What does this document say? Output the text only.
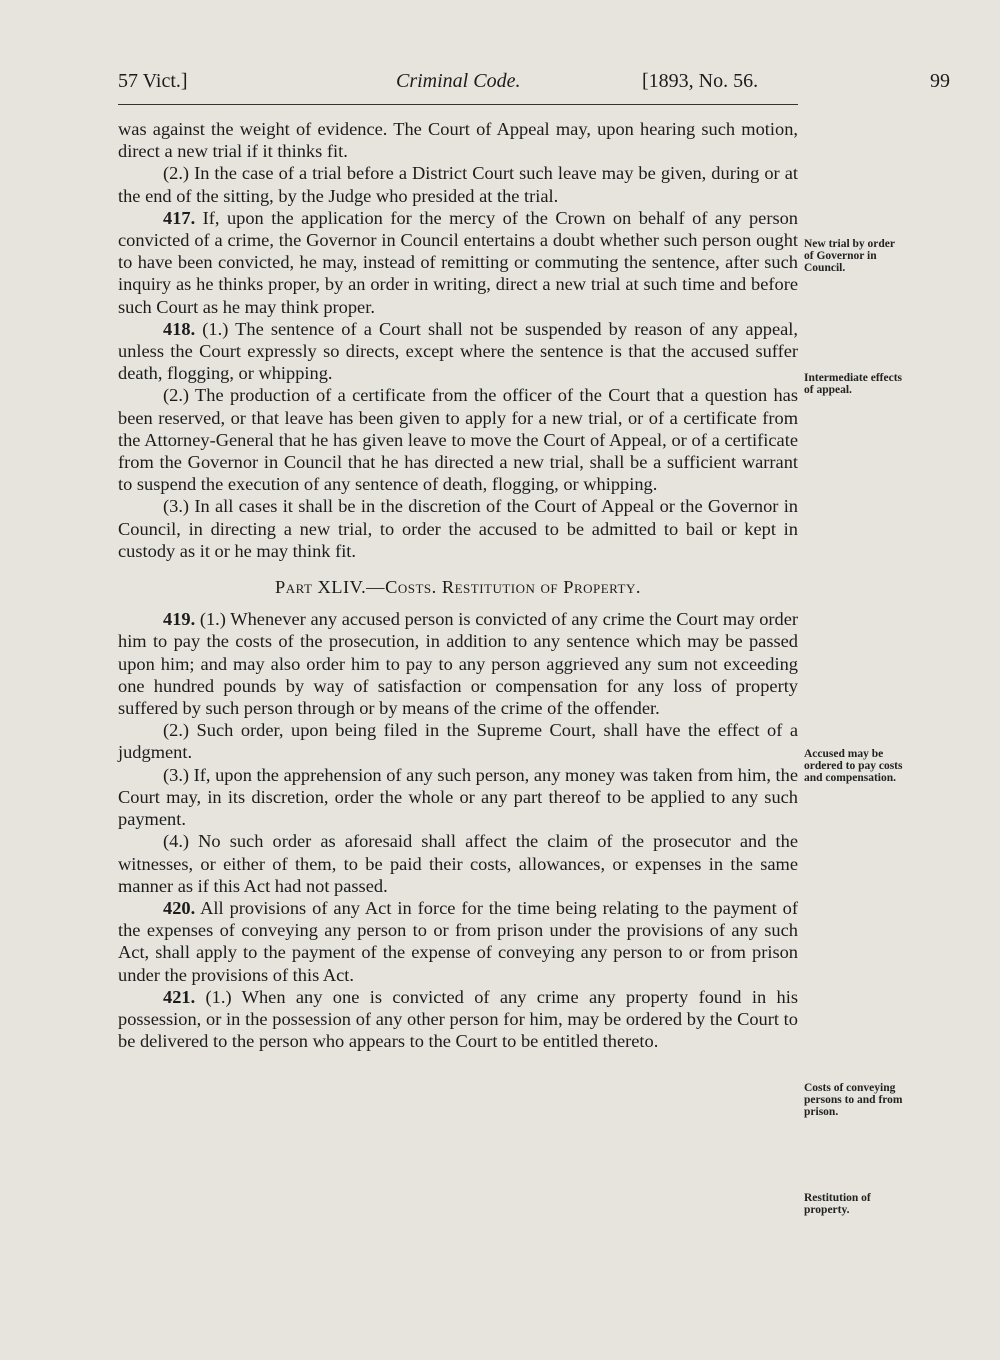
57 Vict.]	Criminal Code.	[1893, No. 56.	99

was against the weight of evidence. The Court of Appeal may, upon hearing such motion, direct a new trial if it thinks fit.

(2.) In the case of a trial before a District Court such leave may be given, during or at the end of the sitting, by the Judge who presided at the trial.

417. If, upon the application for the mercy of the Crown on behalf of any person convicted of a crime, the Governor in Council entertains a doubt whether such person ought to have been convicted, he may, instead of remitting or commuting the sentence, after such inquiry as he thinks proper, by an order in writing, direct a new trial at such time and before such Court as he may think proper.

418. (1.) The sentence of a Court shall not be suspended by reason of any appeal, unless the Court expressly so directs, except where the sentence is that the accused suffer death, flogging, or whipping.

(2.) The production of a certificate from the officer of the Court that a question has been reserved, or that leave has been given to apply for a new trial, or of a certificate from the Attorney-General that he has given leave to move the Court of Appeal, or of a certificate from the Governor in Council that he has directed a new trial, shall be a sufficient warrant to suspend the execution of any sentence of death, flogging, or whipping.

(3.) In all cases it shall be in the discretion of the Court of Appeal or the Governor in Council, in directing a new trial, to order the accused to be admitted to bail or kept in custody as it or he may think fit.

Part XLIV.—Costs. Restitution of Property.

419. (1.) Whenever any accused person is convicted of any crime the Court may order him to pay the costs of the prosecution, in addition to any sentence which may be passed upon him; and may also order him to pay to any person aggrieved any sum not exceeding one hundred pounds by way of satisfaction or compensation for any loss of property suffered by such person through or by means of the crime of the offender.

(2.) Such order, upon being filed in the Supreme Court, shall have the effect of a judgment.

(3.) If, upon the apprehension of any such person, any money was taken from him, the Court may, in its discretion, order the whole or any part thereof to be applied to any such payment.

(4.) No such order as aforesaid shall affect the claim of the prosecutor and the witnesses, or either of them, to be paid their costs, allowances, or expenses in the same manner as if this Act had not passed.

420. All provisions of any Act in force for the time being relating to the payment of the expenses of conveying any person to or from prison under the provisions of any such Act, shall apply to the payment of the expense of conveying any person to or from prison under the provisions of this Act.

421. (1.) When any one is convicted of any crime any property found in his possession, or in the possession of any other person for him, may be ordered by the Court to be delivered to the person who appears to the Court to be entitled thereto.

New trial by order
of Governor in
Council.
Intermediate effects
of appeal.
Accused may be
ordered to pay costs
and compensation.
Costs of conveying
persons to and from
prison.
Restitution of
property.
